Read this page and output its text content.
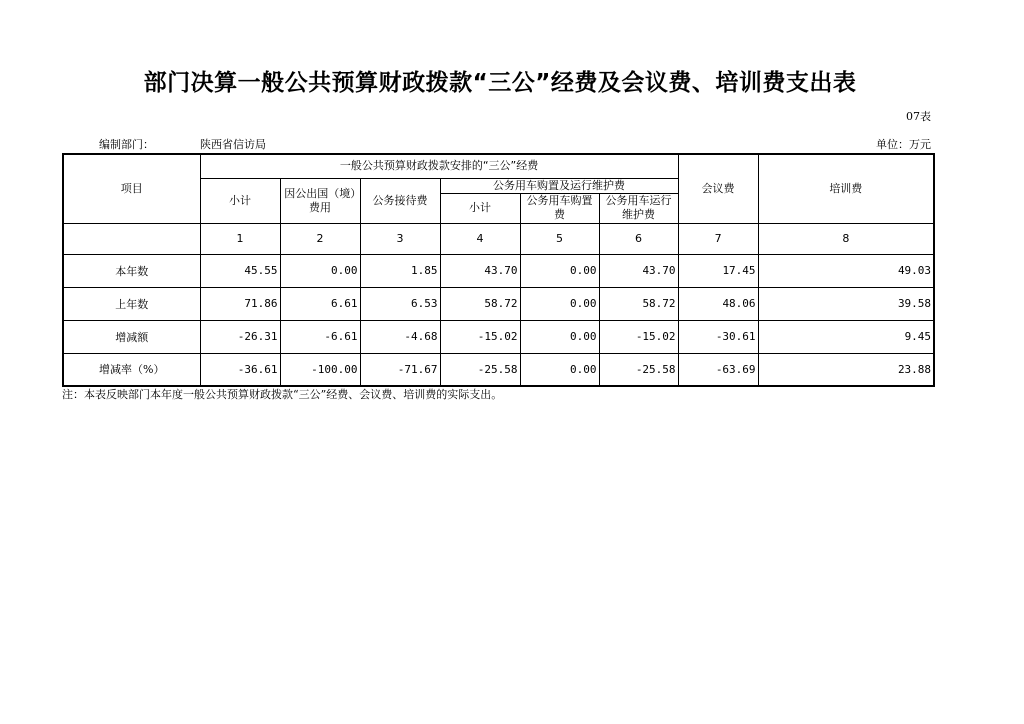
部门决算一般公共预算财政拨款“三公”经费及会议费、培训费支出表
07表
编制部门：	陕西省信访局	单位：万元
项目	一般公共预算财政拨款安排的“三公”经费						会议费	培训费
	小计	因公出国（境）费用	公务接待费	公务用车购置及运行维护费				
				小计	公务用车购置费	公务用车运行维护费		
	1	2	3	4	5	6	7	8
本年数	45.55	0.00	1.85	43.70	0.00	43.70	17.45	49.03
上年数	71.86	6.61	6.53	58.72	0.00	58.72	48.06	39.58
增减额	-26.31	-6.61	-4.68	-15.02	0.00	-15.02	-30.61	9.45
增减率（%）	-36.61	-100.00	-71.67	-25.58	0.00	-25.58	-63.69	23.88
注：本表反映部门本年度一般公共预算财政拨款“三公”经费、会议费、培训费的实际支出。
